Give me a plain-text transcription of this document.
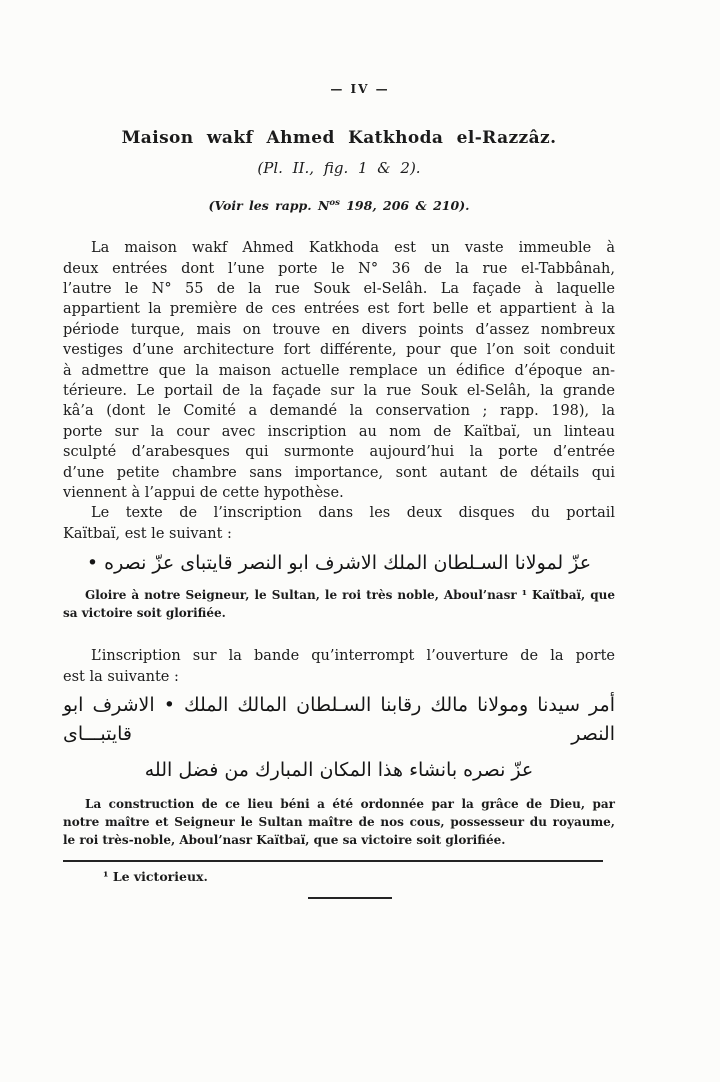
— IV —
Maison wakf Ahmed Katkhoda el-Razzâz.
(Pl. II., fig. 1 & 2).
(Voir les rapp. $N^{os}$ 198, 206 & 210).
La maison wakf Ahmed Katkhoda est un vaste immeuble à
deux entrées dont l’une porte le N° 36 de la rue el-Tabbânah,
l’autre le N° 55 de la rue Souk el-Selâh. La façade à laquelle
appartient la première de ces entrées est fort belle et appartient à la
période turque, mais on trouve en divers points d’assez nombreux
vestiges d’une architecture fort différente, pour que l’on soit conduit
à admettre que la maison actuelle remplace un édifice d’époque an-
térieure. Le portail de la façade sur la rue Souk el-Selâh, la grande
kâ’a (dont le Comité a demandé la conservation ; rapp. 198), la
porte sur la cour avec inscription au nom de Kaïtbaï, un linteau
sculpté d’arabesques qui surmonte aujourd’hui la porte d’entrée
d’une petite chambre sans importance, sont autant de détails qui
viennent à l’appui de cette hypothèse.
Le texte de l’inscription dans les deux disques du portail
Kaïtbaï, est le suivant :
عزّ لمولانا السـلطان الملك الاشرف ابو النصر قايتباى عزّ نصره •
Gloire à notre Seigneur, le Sultan, le roi très noble, Aboul’nasr ¹ Kaïtbaï, que
sa victoire soit glorifiée.
L’inscription sur la bande qu’interrompt l’ouverture de la porte
est la suivante :
أمر سيدنا ومولانا مالك رقابنا السـلطان المالك الملك • الاشرف ابو النصر قايتبـــاى
عزّ نصره بانشاء هذا المكان المبارك من فضل الله
La construction de ce lieu béni a été ordonnée par la grâce de Dieu, par
notre maître et Seigneur le Sultan maître de nos cous, possesseur du royaume,
le roi très-noble, Aboul’nasr Kaïtbaï, que sa victoire soit glorifiée.
¹ Le victorieux.
